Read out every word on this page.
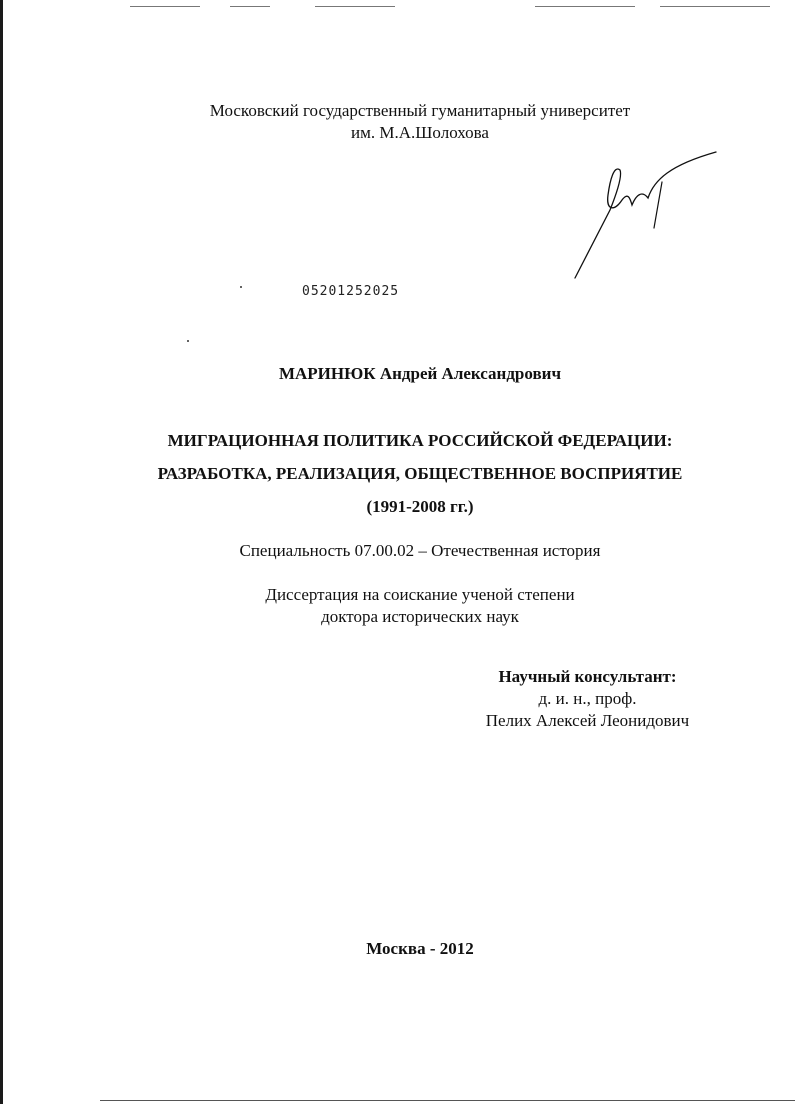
Московский государственный гуманитарный университет
им. М.А.Шолохова
05201252025
МАРИНЮК Андрей Александрович
МИГРАЦИОННАЯ ПОЛИТИКА РОССИЙСКОЙ ФЕДЕРАЦИИ:
РАЗРАБОТКА, РЕАЛИЗАЦИЯ, ОБЩЕСТВЕННОЕ ВОСПРИЯТИЕ
(1991-2008 гг.)
Специальность 07.00.02 – Отечественная история
Диссертация на соискание ученой степени
доктора исторических наук
Научный консультант:
д. и. н., проф.
Пелих Алексей Леонидович
Москва - 2012
